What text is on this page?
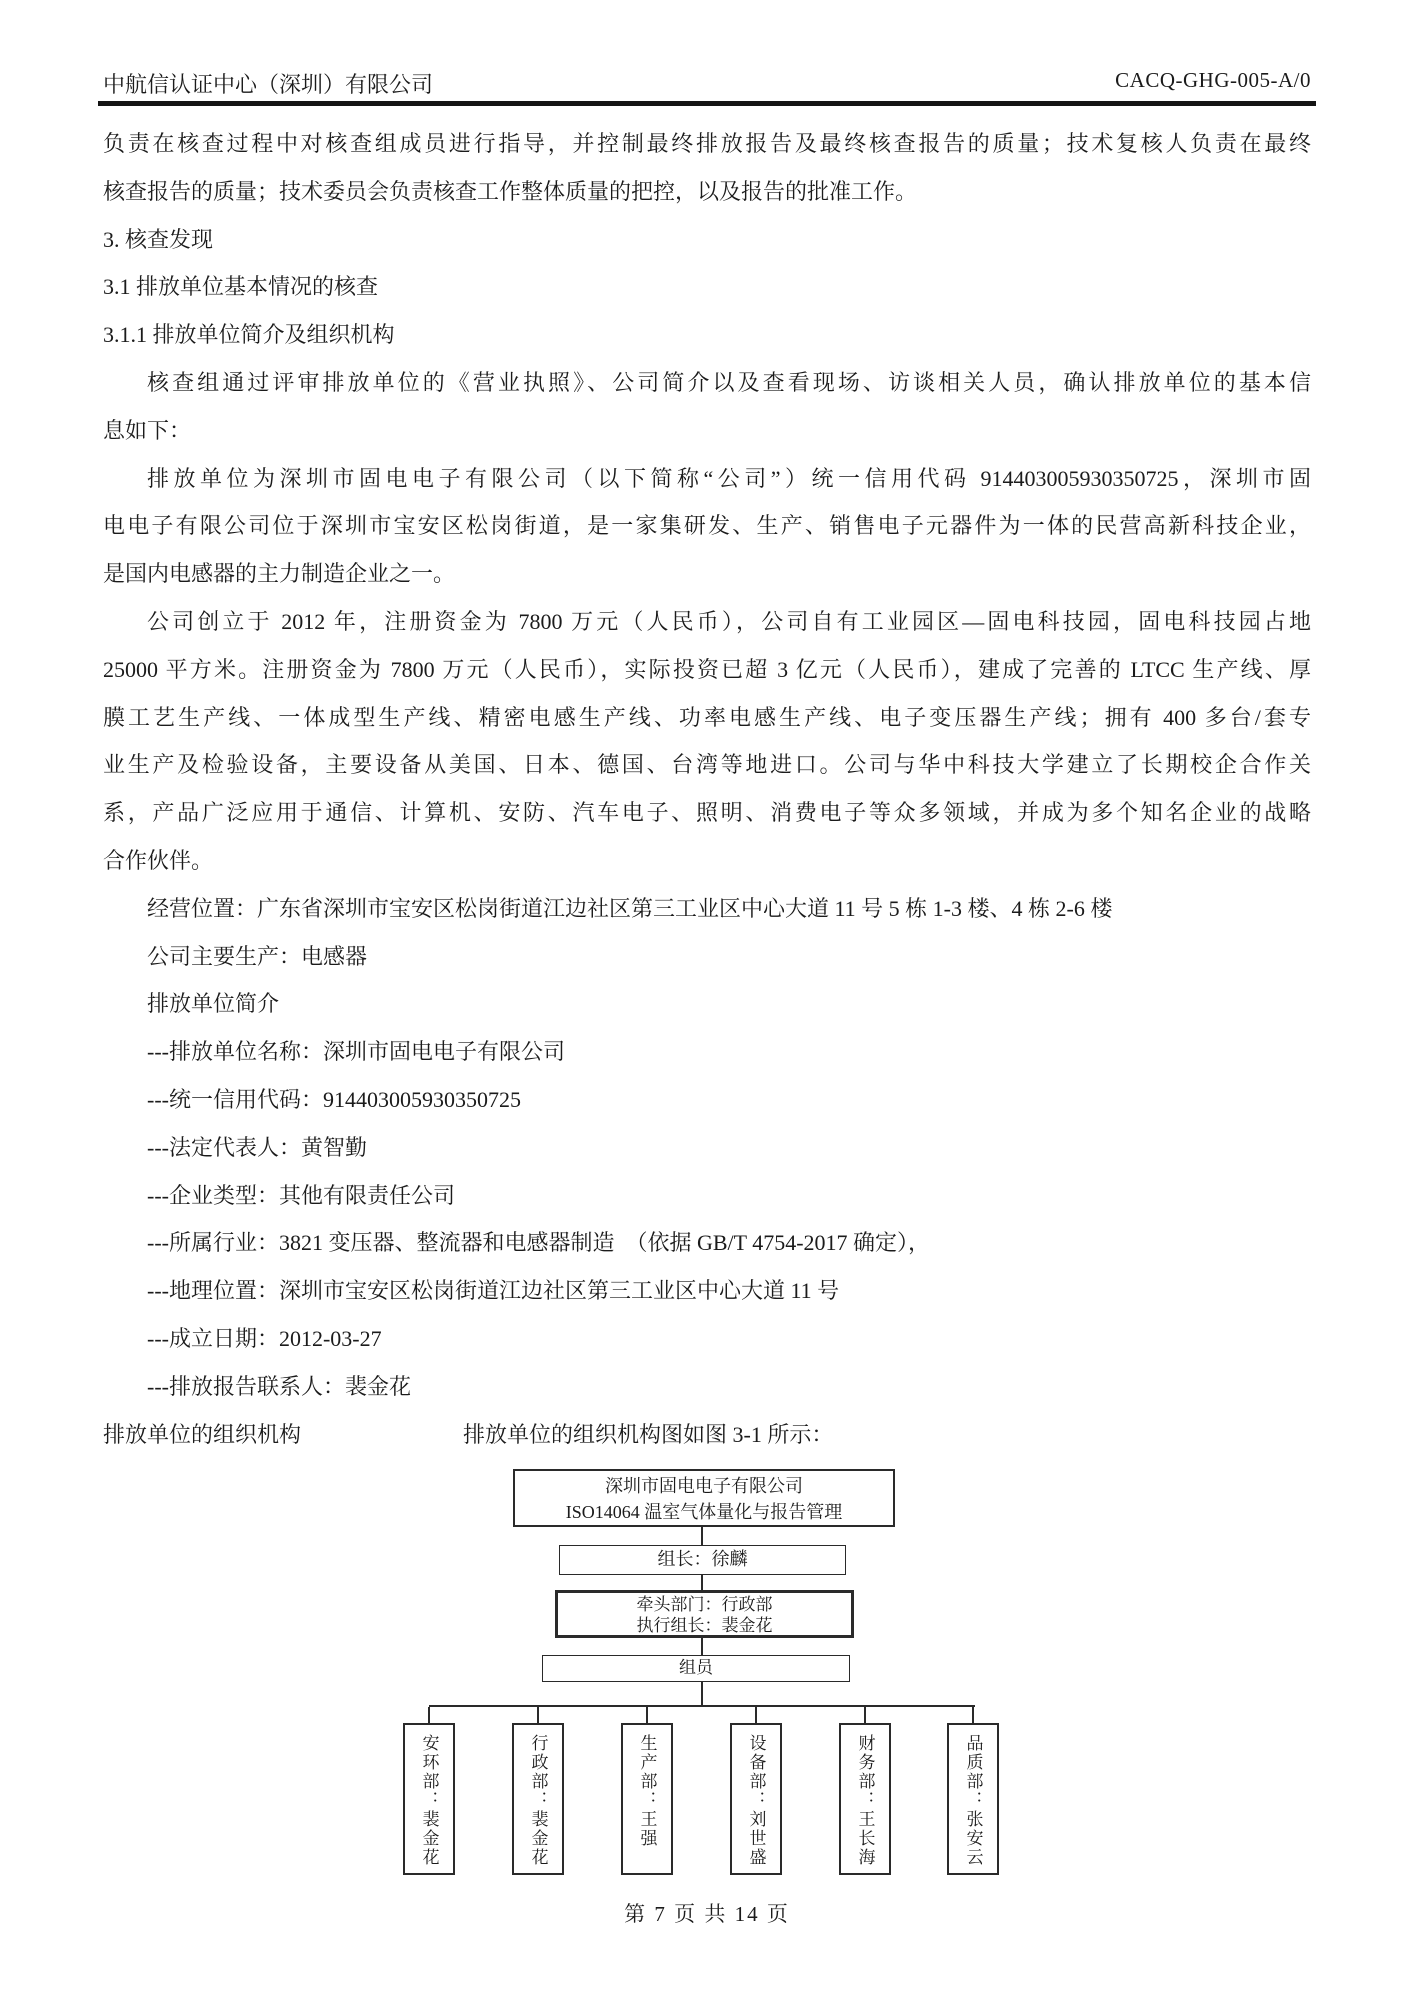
中航信认证中心（深圳）有限公司	CACQ-GHG-005-A/0
负责在核查过程中对核查组成员进行指导，并控制最终排放报告及最终核查报告的质量；技术复核人负责在最终
核查报告的质量；技术委员会负责核查工作整体质量的把控，以及报告的批准工作。
3. 核查发现
3.1 排放单位基本情况的核查
3.1.1 排放单位简介及组织机构
核查组通过评审排放单位的《营业执照》、公司简介以及查看现场、访谈相关人员，确认排放单位的基本信
息如下：
排放单位为深圳市固电电子有限公司（以下简称“公司”）统一信用代码 914403005930350725，深圳市固
电电子有限公司位于深圳市宝安区松岗街道，是一家集研发、生产、销售电子元器件为一体的民营高新科技企业，
是国内电感器的主力制造企业之一。
公司创立于 2012 年，注册资金为 7800 万元（人民币），公司自有工业园区—固电科技园，固电科技园占地
25000 平方米。注册资金为 7800 万元（人民币），实际投资已超 3 亿元（人民币），建成了完善的 LTCC 生产线、厚
膜工艺生产线、一体成型生产线、精密电感生产线、功率电感生产线、电子变压器生产线；拥有 400 多台/套专
业生产及检验设备，主要设备从美国、日本、德国、台湾等地进口。公司与华中科技大学建立了长期校企合作关
系，产品广泛应用于通信、计算机、安防、汽车电子、照明、消费电子等众多领域，并成为多个知名企业的战略
合作伙伴。
经营位置：广东省深圳市宝安区松岗街道江边社区第三工业区中心大道 11 号 5 栋 1-3 楼、4 栋 2-6 楼
公司主要生产：电感器
排放单位简介
---排放单位名称：深圳市固电电子有限公司
---统一信用代码：914403005930350725
---法定代表人：黄智勤
---企业类型：其他有限责任公司
---所属行业：3821 变压器、整流器和电感器制造　（依据 GB/T 4754-2017 确定），
---地理位置：深圳市宝安区松岗街道江边社区第三工业区中心大道 11 号
---成立日期：2012-03-27
---排放报告联系人：裴金花
排放单位的组织机构	排放单位的组织机构图如图 3-1 所示：
深圳市固电电子有限公司
ISO14064 温室气体量化与报告管理
组长：徐麟
牵头部门：行政部
执行组长：裴金花
组员
安环部：裴金花	行政部：裴金花	生产部：王强	设备部：刘世盛	财务部：王长海	品质部：张安云
第 7 页 共 14 页
